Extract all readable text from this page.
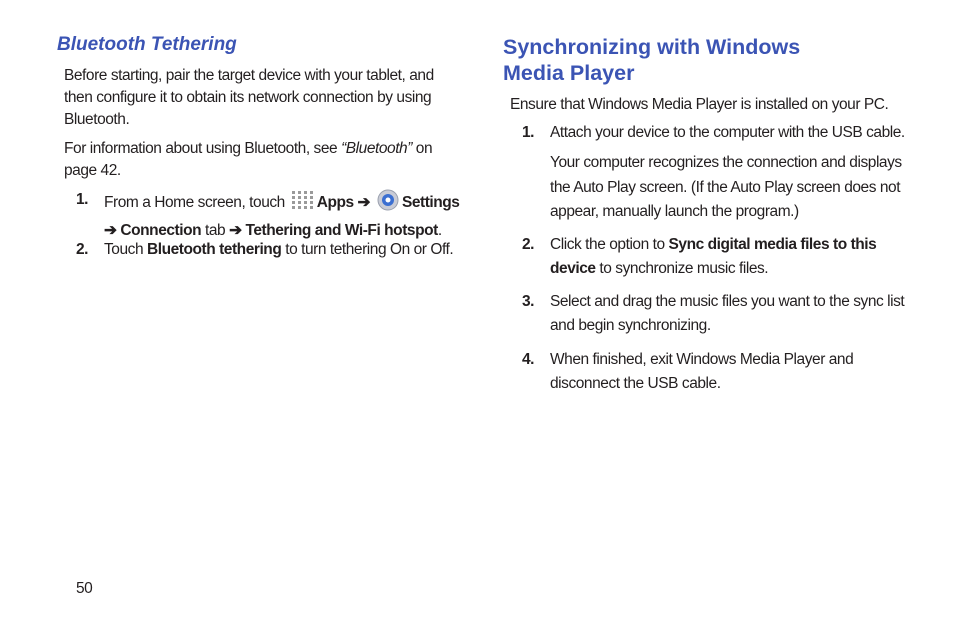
Bluetooth Tethering
Before starting, pair the target device with your tablet, and then configure it to obtain its network connection by using Bluetooth.
For information about using Bluetooth, see “Bluetooth” on page 42.
1. From a Home screen, touch Apps ➔ Settings
➔ Connection tab ➔ Tethering and Wi-Fi hotspot.
2. Touch Bluetooth tethering to turn tethering On or Off.
Synchronizing with Windows Media Player
Ensure that Windows Media Player is installed on your PC.
1. Attach your device to the computer with the USB cable.
Your computer recognizes the connection and displays the Auto Play screen. (If the Auto Play screen does not appear, manually launch the program.)
2. Click the option to Sync digital media files to this device to synchronize music files.
3. Select and drag the music files you want to the sync list and begin synchronizing.
4. When finished, exit Windows Media Player and disconnect the USB cable.
50
